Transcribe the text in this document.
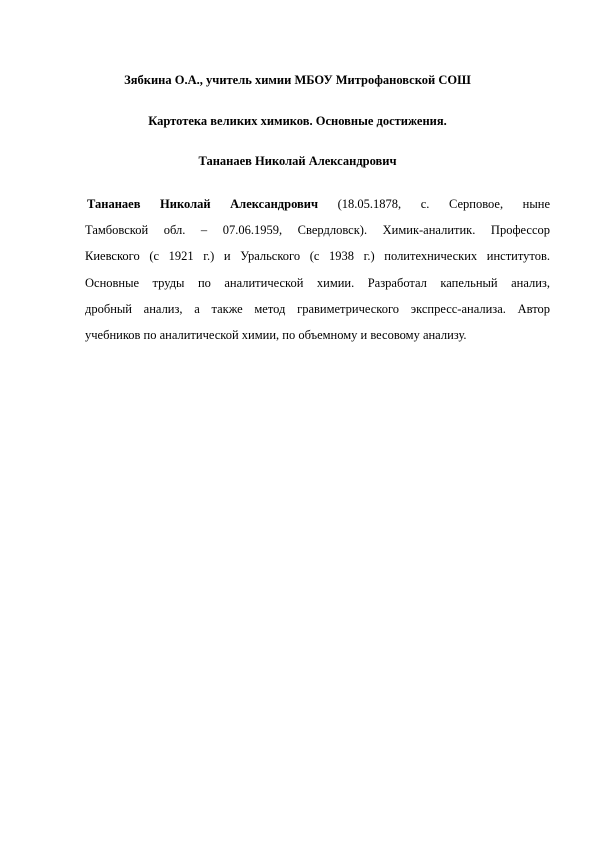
Зябкина О.А., учитель химии МБОУ Митрофановской СОШ
Картотека великих химиков. Основные достижения.
Тананаев Николай Александрович
Тананаев Николай Александрович (18.05.1878, с. Серповое, ныне
Тамбовской обл. – 07.06.1959, Свердловск). Химик-аналитик. Профессор
Киевского (с 1921 г.) и Уральского (с 1938 г.) политехнических институтов.
Основные труды по аналитической химии. Разработал капельный анализ,
дробный анализ, а также метод гравиметрического экспресс-анализа. Автор
учебников по аналитической химии, по объемному и весовому анализу.
